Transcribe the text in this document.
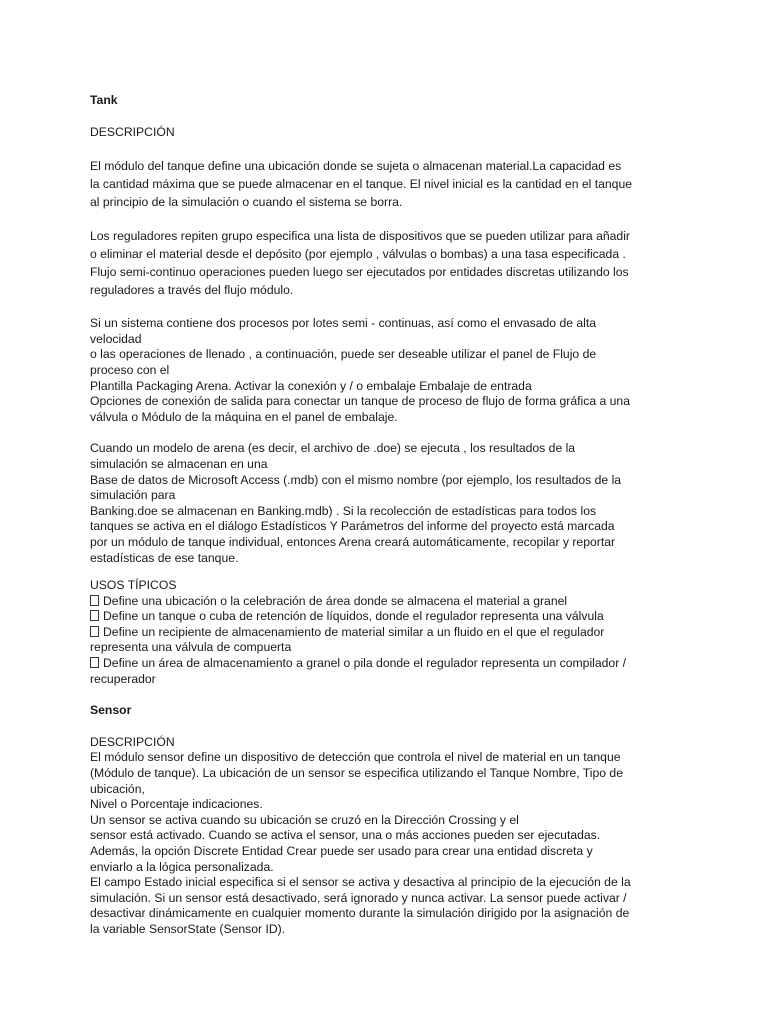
Tank
DESCRIPCIÓN
El módulo del tanque define una ubicación donde se sujeta o almacenan material.La capacidad es
la cantidad máxima que se puede almacenar en el tanque. El nivel inicial es la cantidad en el tanque
al principio de la simulación o cuando el sistema se borra.
Los reguladores repiten grupo especifica una lista de dispositivos que se pueden utilizar para añadir
o eliminar el material desde el depósito (por ejemplo , válvulas o bombas) a una tasa especificada .
Flujo semi-continuo operaciones pueden luego ser ejecutados por entidades discretas utilizando los
reguladores a través del flujo módulo.
Si un sistema contiene dos procesos por lotes semi - continuas, así como el envasado de alta
velocidad
o las operaciones de llenado , a continuación, puede ser deseable utilizar el panel de Flujo de
proceso con el
Plantilla Packaging Arena. Activar la conexión y / o embalaje Embalaje de entrada
Opciones de conexión de salida para conectar un tanque de proceso de flujo de forma gráfica a una
válvula o Módulo de la máquina en el panel de embalaje.
Cuando un modelo de arena (es decir, el archivo de .doe) se ejecuta , los resultados de la
simulación se almacenan en una
Base de datos de Microsoft Access (.mdb) con el mismo nombre (por ejemplo, los resultados de la
simulación para
Banking.doe se almacenan en Banking.mdb) . Si la recolección de estadísticas para todos los
tanques se activa en el diálogo Estadísticos Y Parámetros del informe del proyecto está marcada
por un módulo de tanque individual, entonces Arena creará automáticamente, recopilar y reportar
estadísticas de ese tanque.
USOS TÍPICOS
Define una ubicación o la celebración de área donde se almacena el material a granel
Define un tanque o cuba de retención de líquidos, donde el regulador representa una válvula
Define un recipiente de almacenamiento de material similar a un fluido en el que el regulador
representa una válvula de compuerta
Define un área de almacenamiento a granel o pila donde el regulador representa un compilador /
recuperador
Sensor
DESCRIPCIÓN
El módulo sensor define un dispositivo de detección que controla el nivel de material en un tanque
(Módulo de tanque). La ubicación de un sensor se especifica utilizando el Tanque Nombre, Tipo de
ubicación,
Nivel o Porcentaje indicaciones.
Un sensor se activa cuando su ubicación se cruzó en la Dirección Crossing y el
sensor está activado. Cuando se activa el sensor, una o más acciones pueden ser ejecutadas.
Además, la opción Discrete Entidad Crear puede ser usado para crear una entidad discreta y
enviarlo a la lógica personalizada.
El campo Estado inicial especifica si el sensor se activa y desactiva al principio de la ejecución de la
simulación. Si un sensor está desactivado, será ignorado y nunca activar. La sensor puede activar /
desactivar dinámicamente en cualquier momento durante la simulación dirigido por la asignación de
la variable SensorState (Sensor ID).
